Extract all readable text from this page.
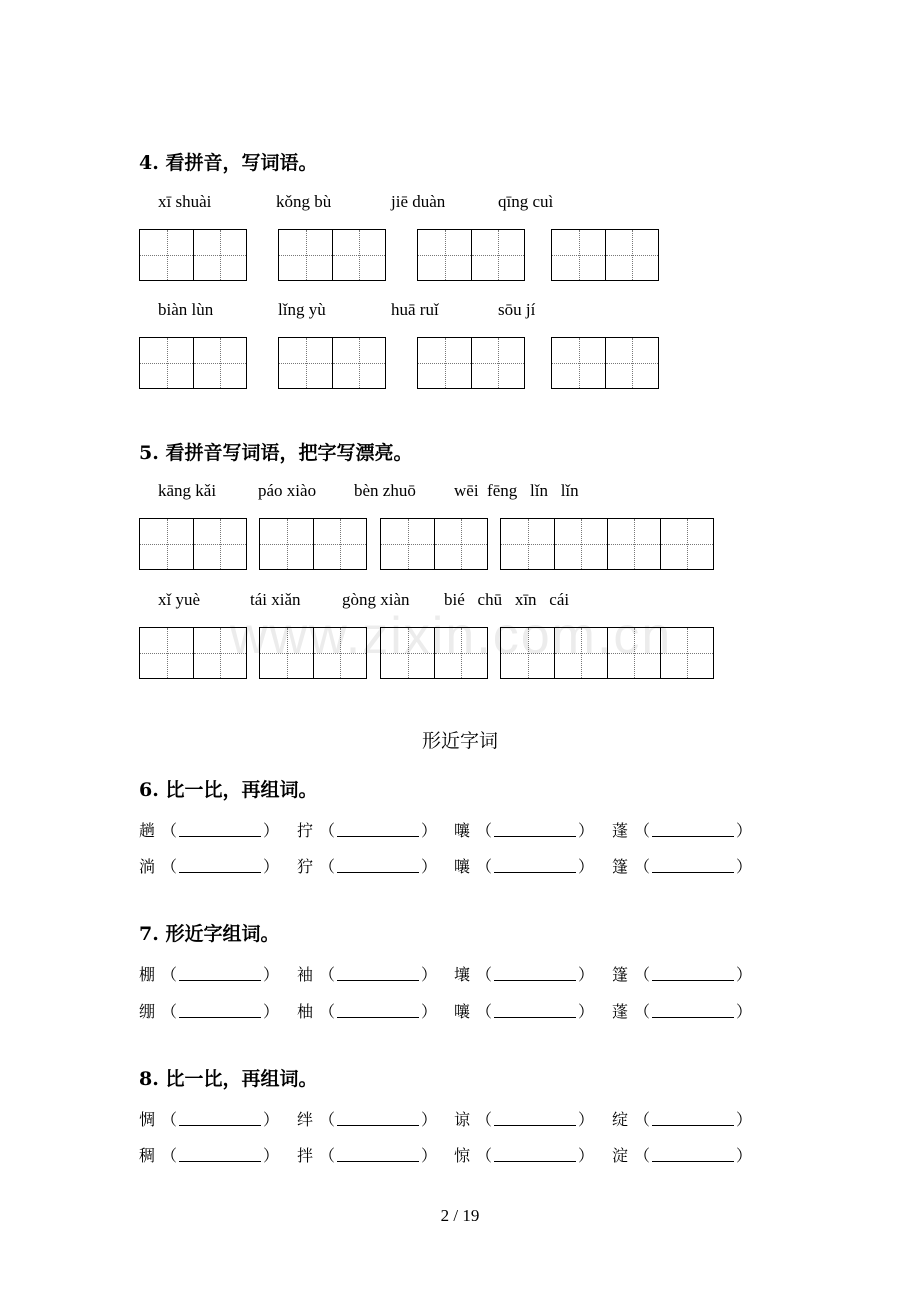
www.zixin.com.cn
4. 看拼音，写词语。
xī shuài	kǒng bù	jiē duàn	qīng cuì
biàn lùn	lǐng yù	huā ruǐ	sōu jí
5. 看拼音写词语，把字写漂亮。
kāng kǎi páo xiào bèn zhuō wēi  fēng   lǐn   lǐn
xǐ yuè	tái xiǎn gòng xiàn bié   chū   xīn   cái
形近字词
6. 比一比，再组词。
趟 （	） 拧 （	） 嚷 （	） 蓬 （	）
淌 （	） 狞 （	） 嚷 （	） 篷 （	）
7. 形近字组词。
棚 （	） 袖 （	） 壤 （	） 篷 （	）
绷 （	） 柚 （	） 嚷 （	） 蓬 （	）
8. 比一比，再组词。
惆 （	） 绊 （	） 谅 （	） 绽 （	）
稠 （	） 拌 （	） 惊 （	） 淀 （	）
2 / 19
